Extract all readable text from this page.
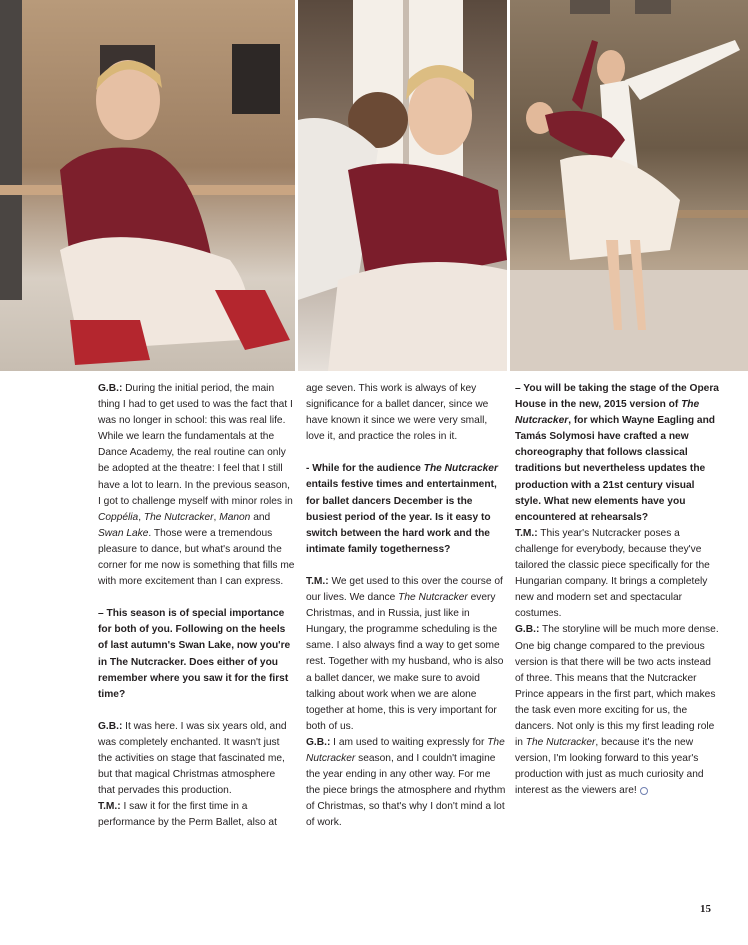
G.B.: During the initial period, the main thing I had to get used to was the fact that I was no longer in school: this was real life. While we learn the fundamentals at the Dance Academy, the real routine can only be adopted at the theatre: I feel that I still have a lot to learn. In the previous season, I got to challenge myself with minor roles in Coppélia, The Nutcracker, Manon and Swan Lake. Those were a tremendous pleasure to dance, but what's around the corner for me now is something that fills me with more excitement than I can express.

– This season is of special importance for both of you. Following on the heels of last autumn's Swan Lake, now you're in The Nutcracker. Does either of you remember where you saw it for the first time?

G.B.: It was here. I was six years old, and was completely enchanted. It wasn't just the activities on stage that fascinated me, but that magical Christmas atmosphere that pervades this production.

T.M.: I saw it for the first time in a performance by the Perm Ballet, also at

age seven. This work is always of key significance for a ballet dancer, since we have known it since we were very small, love it, and practice the roles in it.

- While for the audience The Nutcracker entails festive times and entertainment, for ballet dancers December is the busiest period of the year. Is it easy to switch between the hard work and the intimate family togetherness?

T.M.: We get used to this over the course of our lives. We dance The Nutcracker every Christmas, and in Russia, just like in Hungary, the programme scheduling is the same. I also always find a way to get some rest. Together with my husband, who is also a ballet dancer, we make sure to avoid talking about work when we are alone together at home, this is very important for both of us.

G.B.: I am used to waiting expressly for The Nutcracker season, and I couldn't imagine the year ending in any other way. For me the piece brings the atmosphere and rhythm of Christmas, so that's why I don't mind a lot of work.

– You will be taking the stage of the Opera House in the new, 2015 version of The Nutcracker, for which Wayne Eagling and Tamás Solymosi have crafted a new choreography that follows classical traditions but nevertheless updates the production with a 21st century visual style. What new elements have you encountered at rehearsals?

T.M.: This year's Nutcracker poses a challenge for everybody, because they've tailored the classic piece specifically for the Hungarian company. It brings a completely new and modern set and spectacular costumes.

G.B.: The storyline will be much more dense. One big change compared to the previous version is that there will be two acts instead of three. This means that the Nutcracker Prince appears in the first part, which makes the task even more exciting for us, the dancers. Not only is this my first leading role in The Nutcracker, because it's the new version, I'm looking forward to this year's production with just as much curiosity and interest as the viewers are!

15
